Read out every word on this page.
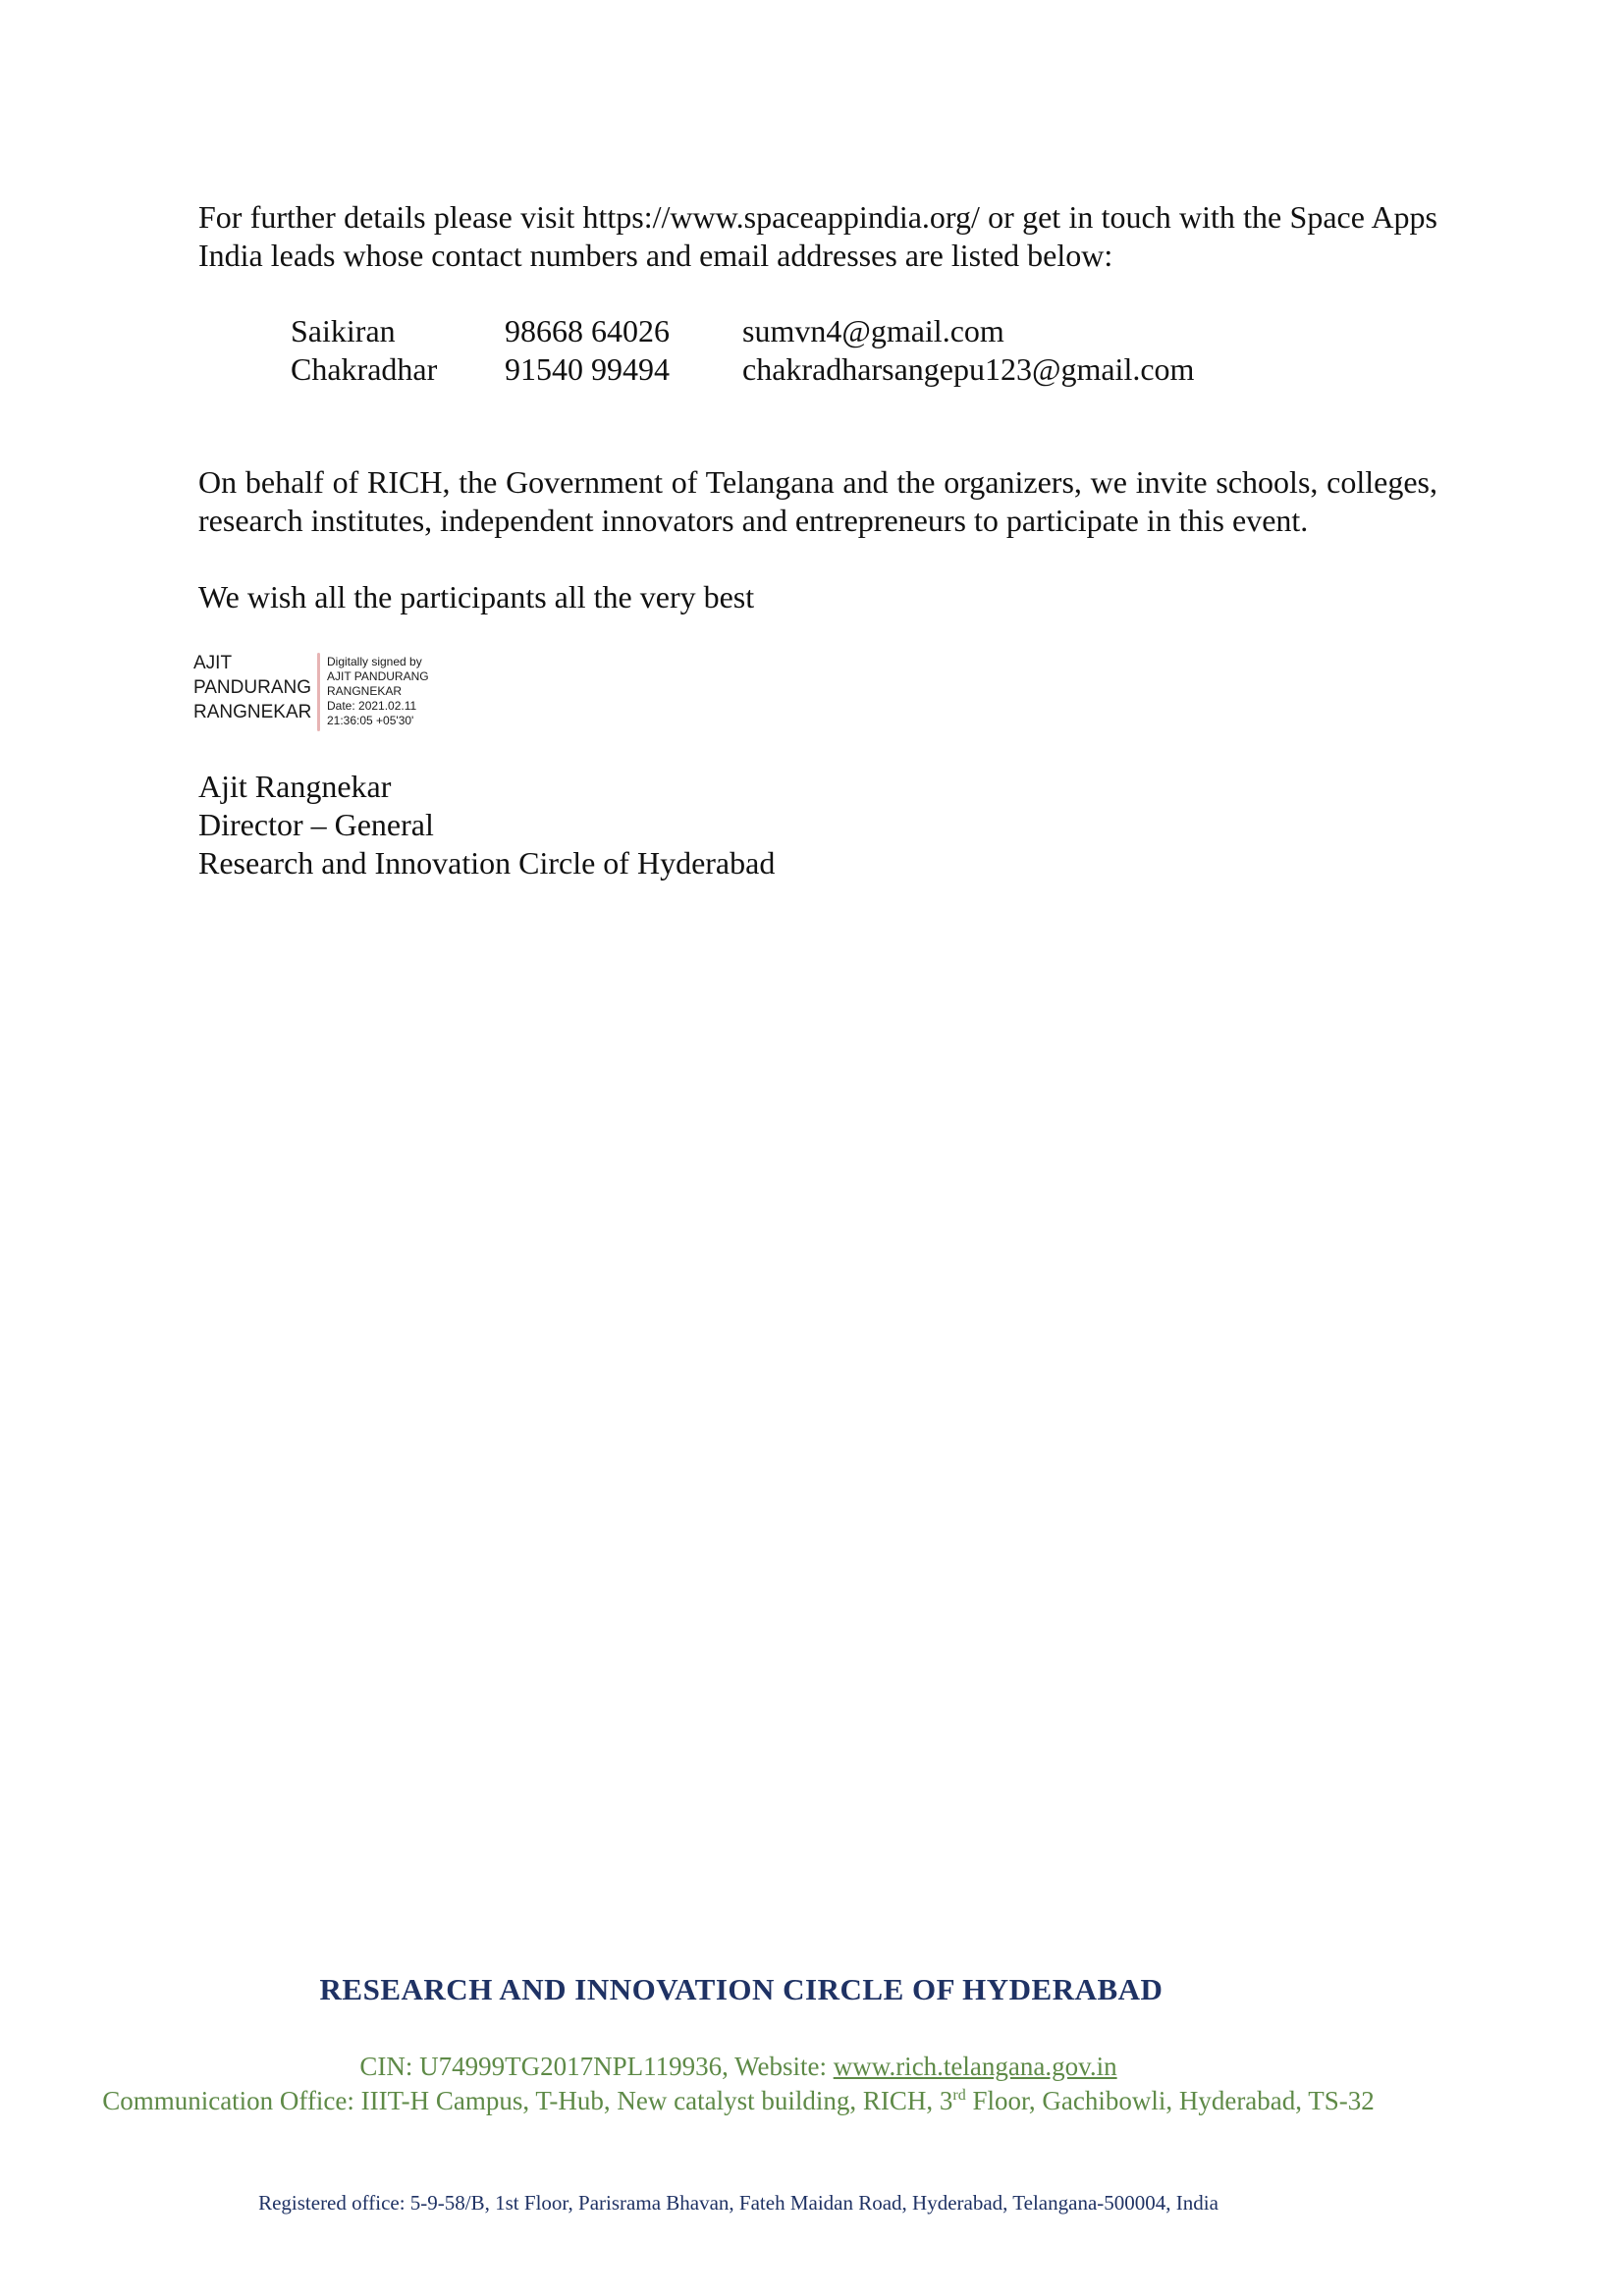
For further details please visit https://www.spaceappindia.org/ or get in touch with the Space Apps India leads whose contact numbers and email addresses are listed below:

Saikiran	98668 64026	sumvn4@gmail.com
Chakradhar	91540 99494	chakradharsangepu123@gmail.com

On behalf of RICH, the Government of Telangana and the organizers, we invite schools, colleges, research institutes, independent innovators and entrepreneurs to participate in this event.

We wish all the participants all the very best

AJIT
PANDURANG
RANGNEKAR
Digitally signed by
AJIT PANDURANG
RANGNEKAR
Date: 2021.02.11
21:36:05 +05'30'
Ajit Rangnekar
Director – General
Research and Innovation Circle of Hyderabad
RESEARCH AND INNOVATION CIRCLE OF HYDERABAD
CIN: U74999TG2017NPL119936, Website: www.rich.telangana.gov.in
Communication Office: IIIT-H Campus, T-Hub, New catalyst building, RICH, 3rd Floor, Gachibowli, Hyderabad, TS-32
Registered office: 5-9-58/B, 1st Floor, Parisrama Bhavan, Fateh Maidan Road, Hyderabad, Telangana-500004, India
